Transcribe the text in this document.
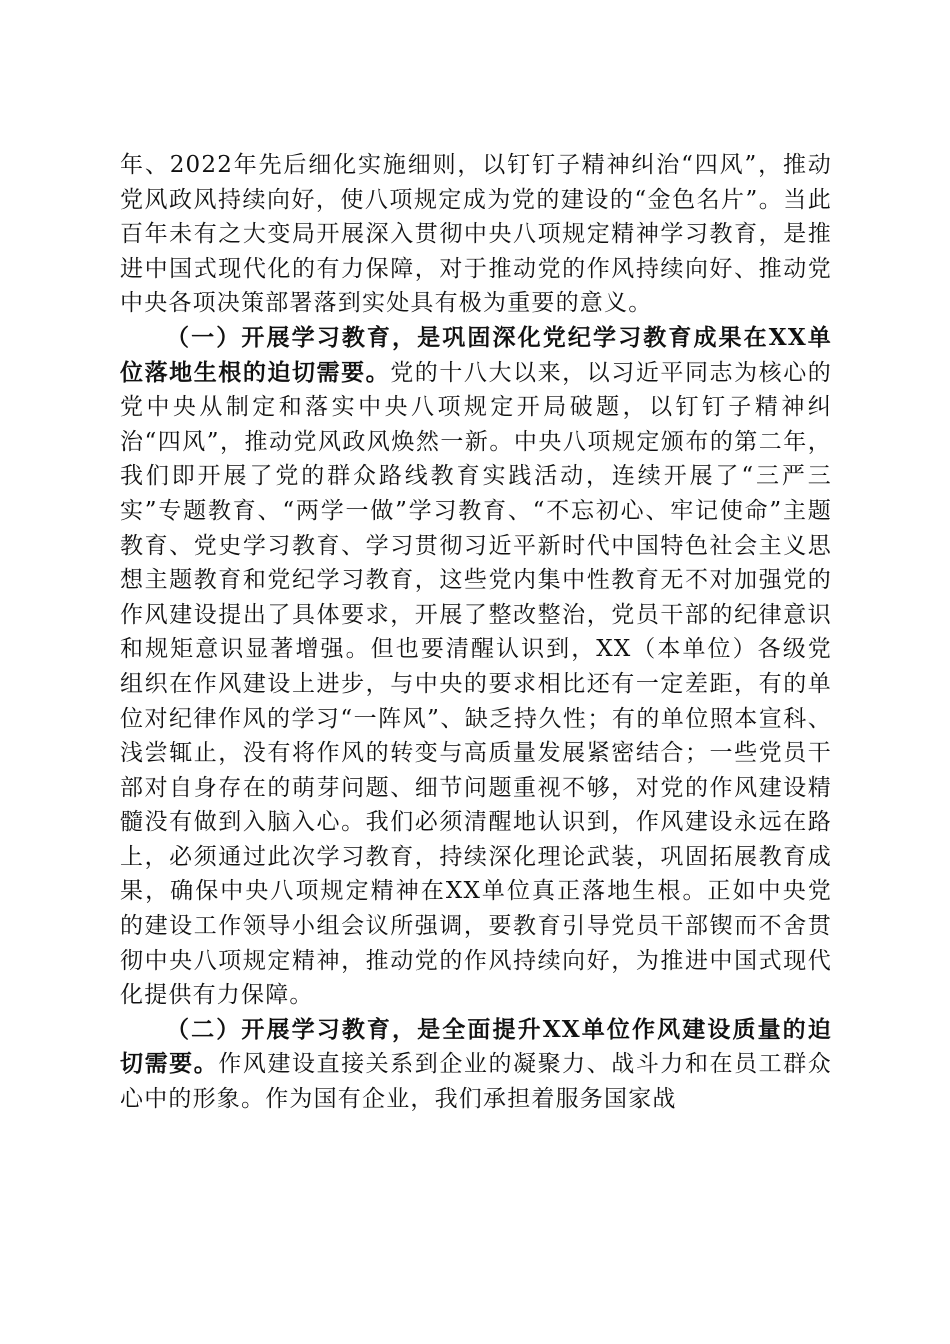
年、2022年先后细化实施细则，以钉钉子精神纠治“四风”，推动党风政风持续向好，使八项规定成为党的建设的“金色名片”。当此百年未有之大变局开展深入贯彻中央八项规定精神学习教育，是推进中国式现代化的有力保障，对于推动党的作风持续向好、推动党中央各项决策部署落到实处具有极为重要的意义。

（一）开展学习教育，是巩固深化党纪学习教育成果在XX单位落地生根的迫切需要。党的十八大以来，以习近平同志为核心的党中央从制定和落实中央八项规定开局破题，以钉钉子精神纠治“四风”，推动党风政风焕然一新。中央八项规定颁布的第二年，我们即开展了党的群众路线教育实践活动，连续开展了“三严三实”专题教育、“两学一做”学习教育、“不忘初心、牢记使命”主题教育、党史学习教育、学习贯彻习近平新时代中国特色社会主义思想主题教育和党纪学习教育，这些党内集中性教育无不对加强党的作风建设提出了具体要求，开展了整改整治，党员干部的纪律意识和规矩意识显著增强。但也要清醒认识到，XX（本单位）各级党组织在作风建设上进步，与中央的要求相比还有一定差距，有的单位对纪律作风的学习“一阵风”、缺乏持久性；有的单位照本宣科、浅尝辄止，没有将作风的转变与高质量发展紧密结合；一些党员干部对自身存在的萌芽问题、细节问题重视不够，对党的作风建设精髓没有做到入脑入心。我们必须清醒地认识到，作风建设永远在路上，必须通过此次学习教育，持续深化理论武装，巩固拓展教育成果，确保中央八项规定精神在XX单位真正落地生根。正如中央党的建设工作领导小组会议所强调，要教育引导党员干部锲而不舍贯彻中央八项规定精神，推动党的作风持续向好，为推进中国式现代化提供有力保障。

（二）开展学习教育，是全面提升XX单位作风建设质量的迫切需要。作风建设直接关系到企业的凝聚力、战斗力和在员工群众心中的形象。作为国有企业，我们承担着服务国家战
